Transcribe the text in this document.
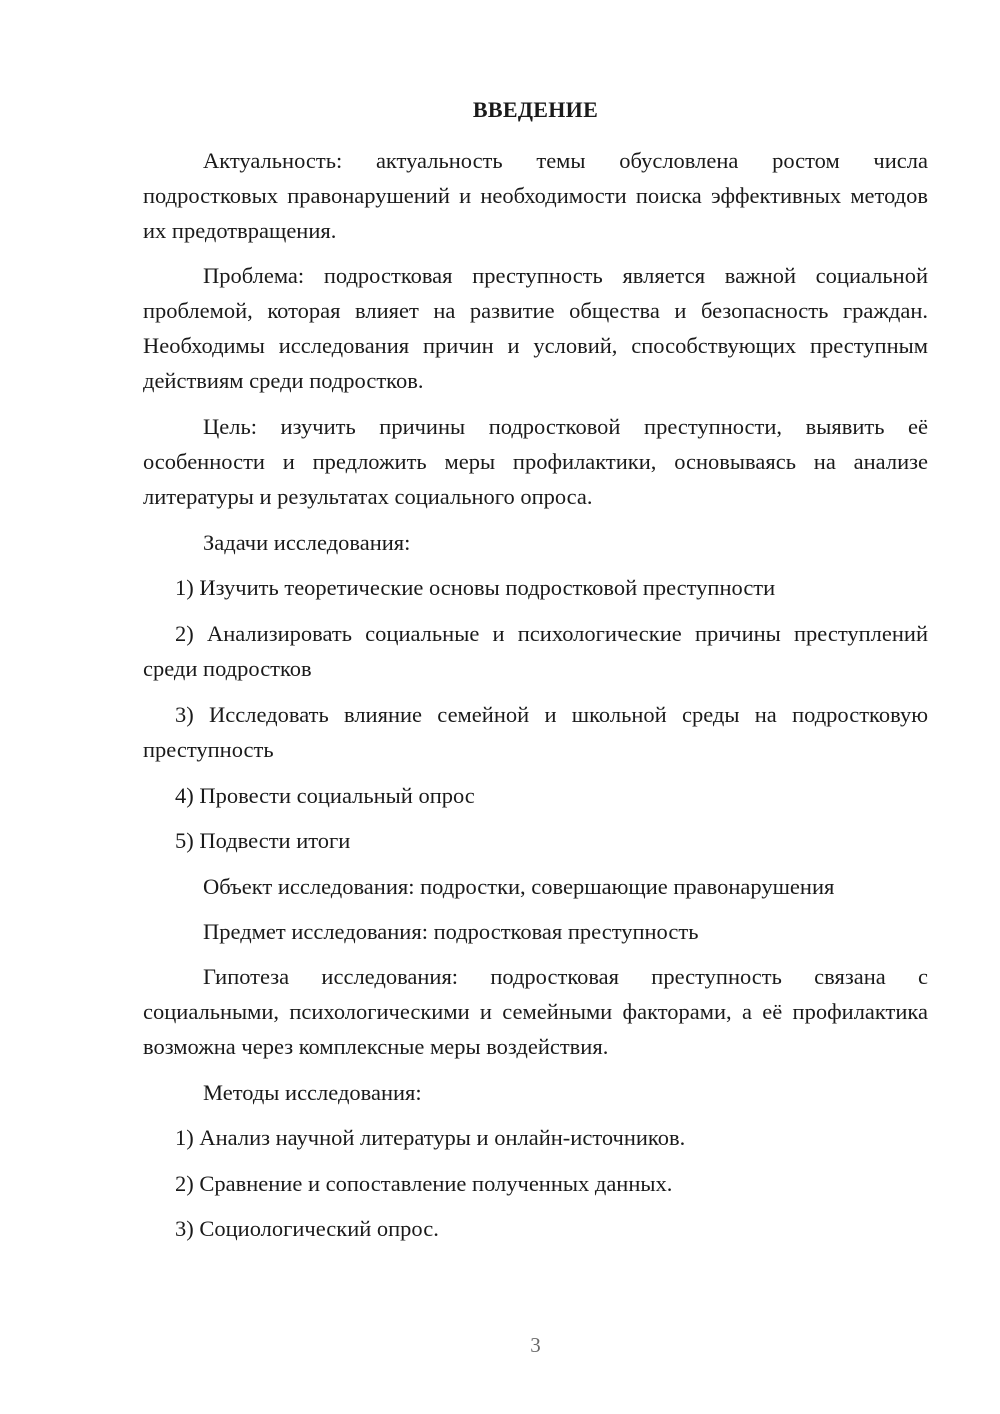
ВВЕДЕНИЕ

Актуальность: актуальность темы обусловлена ростом числа подростковых правонарушений и необходимости поиска эффективных методов их предотвращения.

Проблема: подростковая преступность является важной социальной проблемой, которая влияет на развитие общества и безопасность граждан. Необходимы исследования причин и условий, способствующих преступным действиям среди подростков.

Цель: изучить причины подростковой преступности, выявить её особенности и предложить меры профилактики, основываясь на анализе литературы и результатах социального опроса.

Задачи исследования:

1) Изучить теоретические основы подростковой преступности

2) Анализировать социальные и психологические причины преступлений среди подростков

3) Исследовать влияние семейной и школьной среды на подростковую преступность

4) Провести социальный опрос

5) Подвести итоги

Объект исследования: подростки, совершающие правонарушения

Предмет исследования: подростковая преступность

Гипотеза исследования: подростковая преступность связана с социальными, психологическими и семейными факторами, а её профилактика возможна через комплексные меры воздействия.

Методы исследования:

1) Анализ научной литературы и онлайн-источников.

2) Сравнение и сопоставление полученных данных.

3) Социологический опрос.

3
